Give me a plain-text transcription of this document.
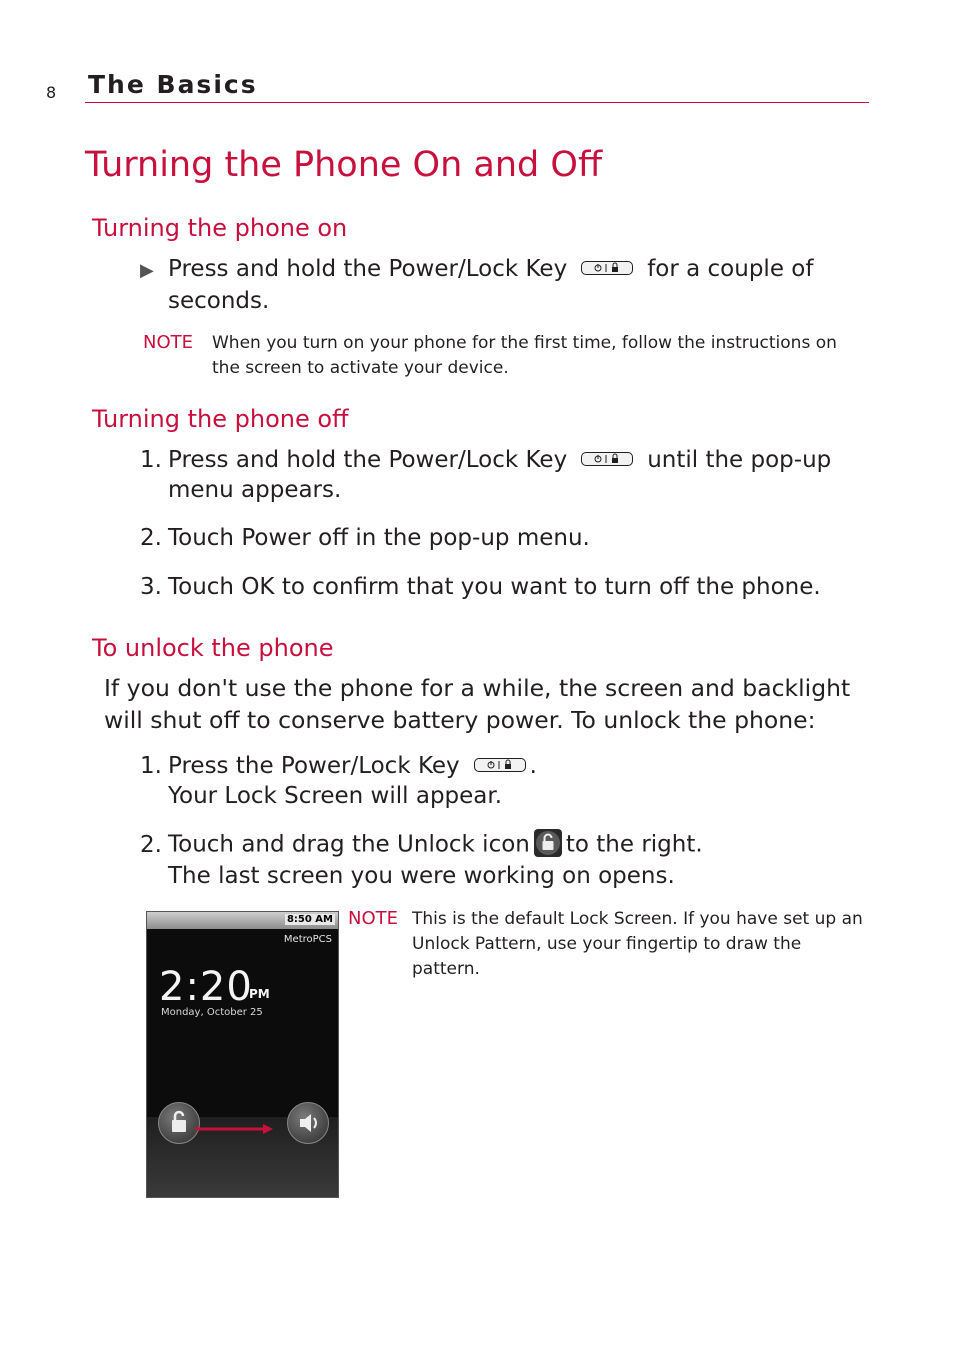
8 The Basics
Turning the Phone On and Off
Turning the phone on
▶ Press and hold the Power/Lock Key	for a couple of
seconds.
NOTE When you turn on your phone for the first time, follow the instructions on
the screen to activate your device.
Turning the phone off
1. Press and hold the Power/Lock Key	until the pop-up
menu appears.
2. Touch Power off in the pop-up menu.
3. Touch OK to confirm that you want to turn off the phone.
To unlock the phone
If you don't use the phone for a while, the screen and backlight
will shut off to conserve battery power. To unlock the phone:
1. Press the Power/Lock Key	.
Your Lock Screen will appear.
2. Touch and drag the Unlock icon to the right.
The last screen you were working on opens.
8:50 AM
MetroPCS
2:20
PM
Monday, October 25
NOTE This is the default Lock Screen. If you have set up an
Unlock Pattern, use your fingertip to draw the
pattern.
